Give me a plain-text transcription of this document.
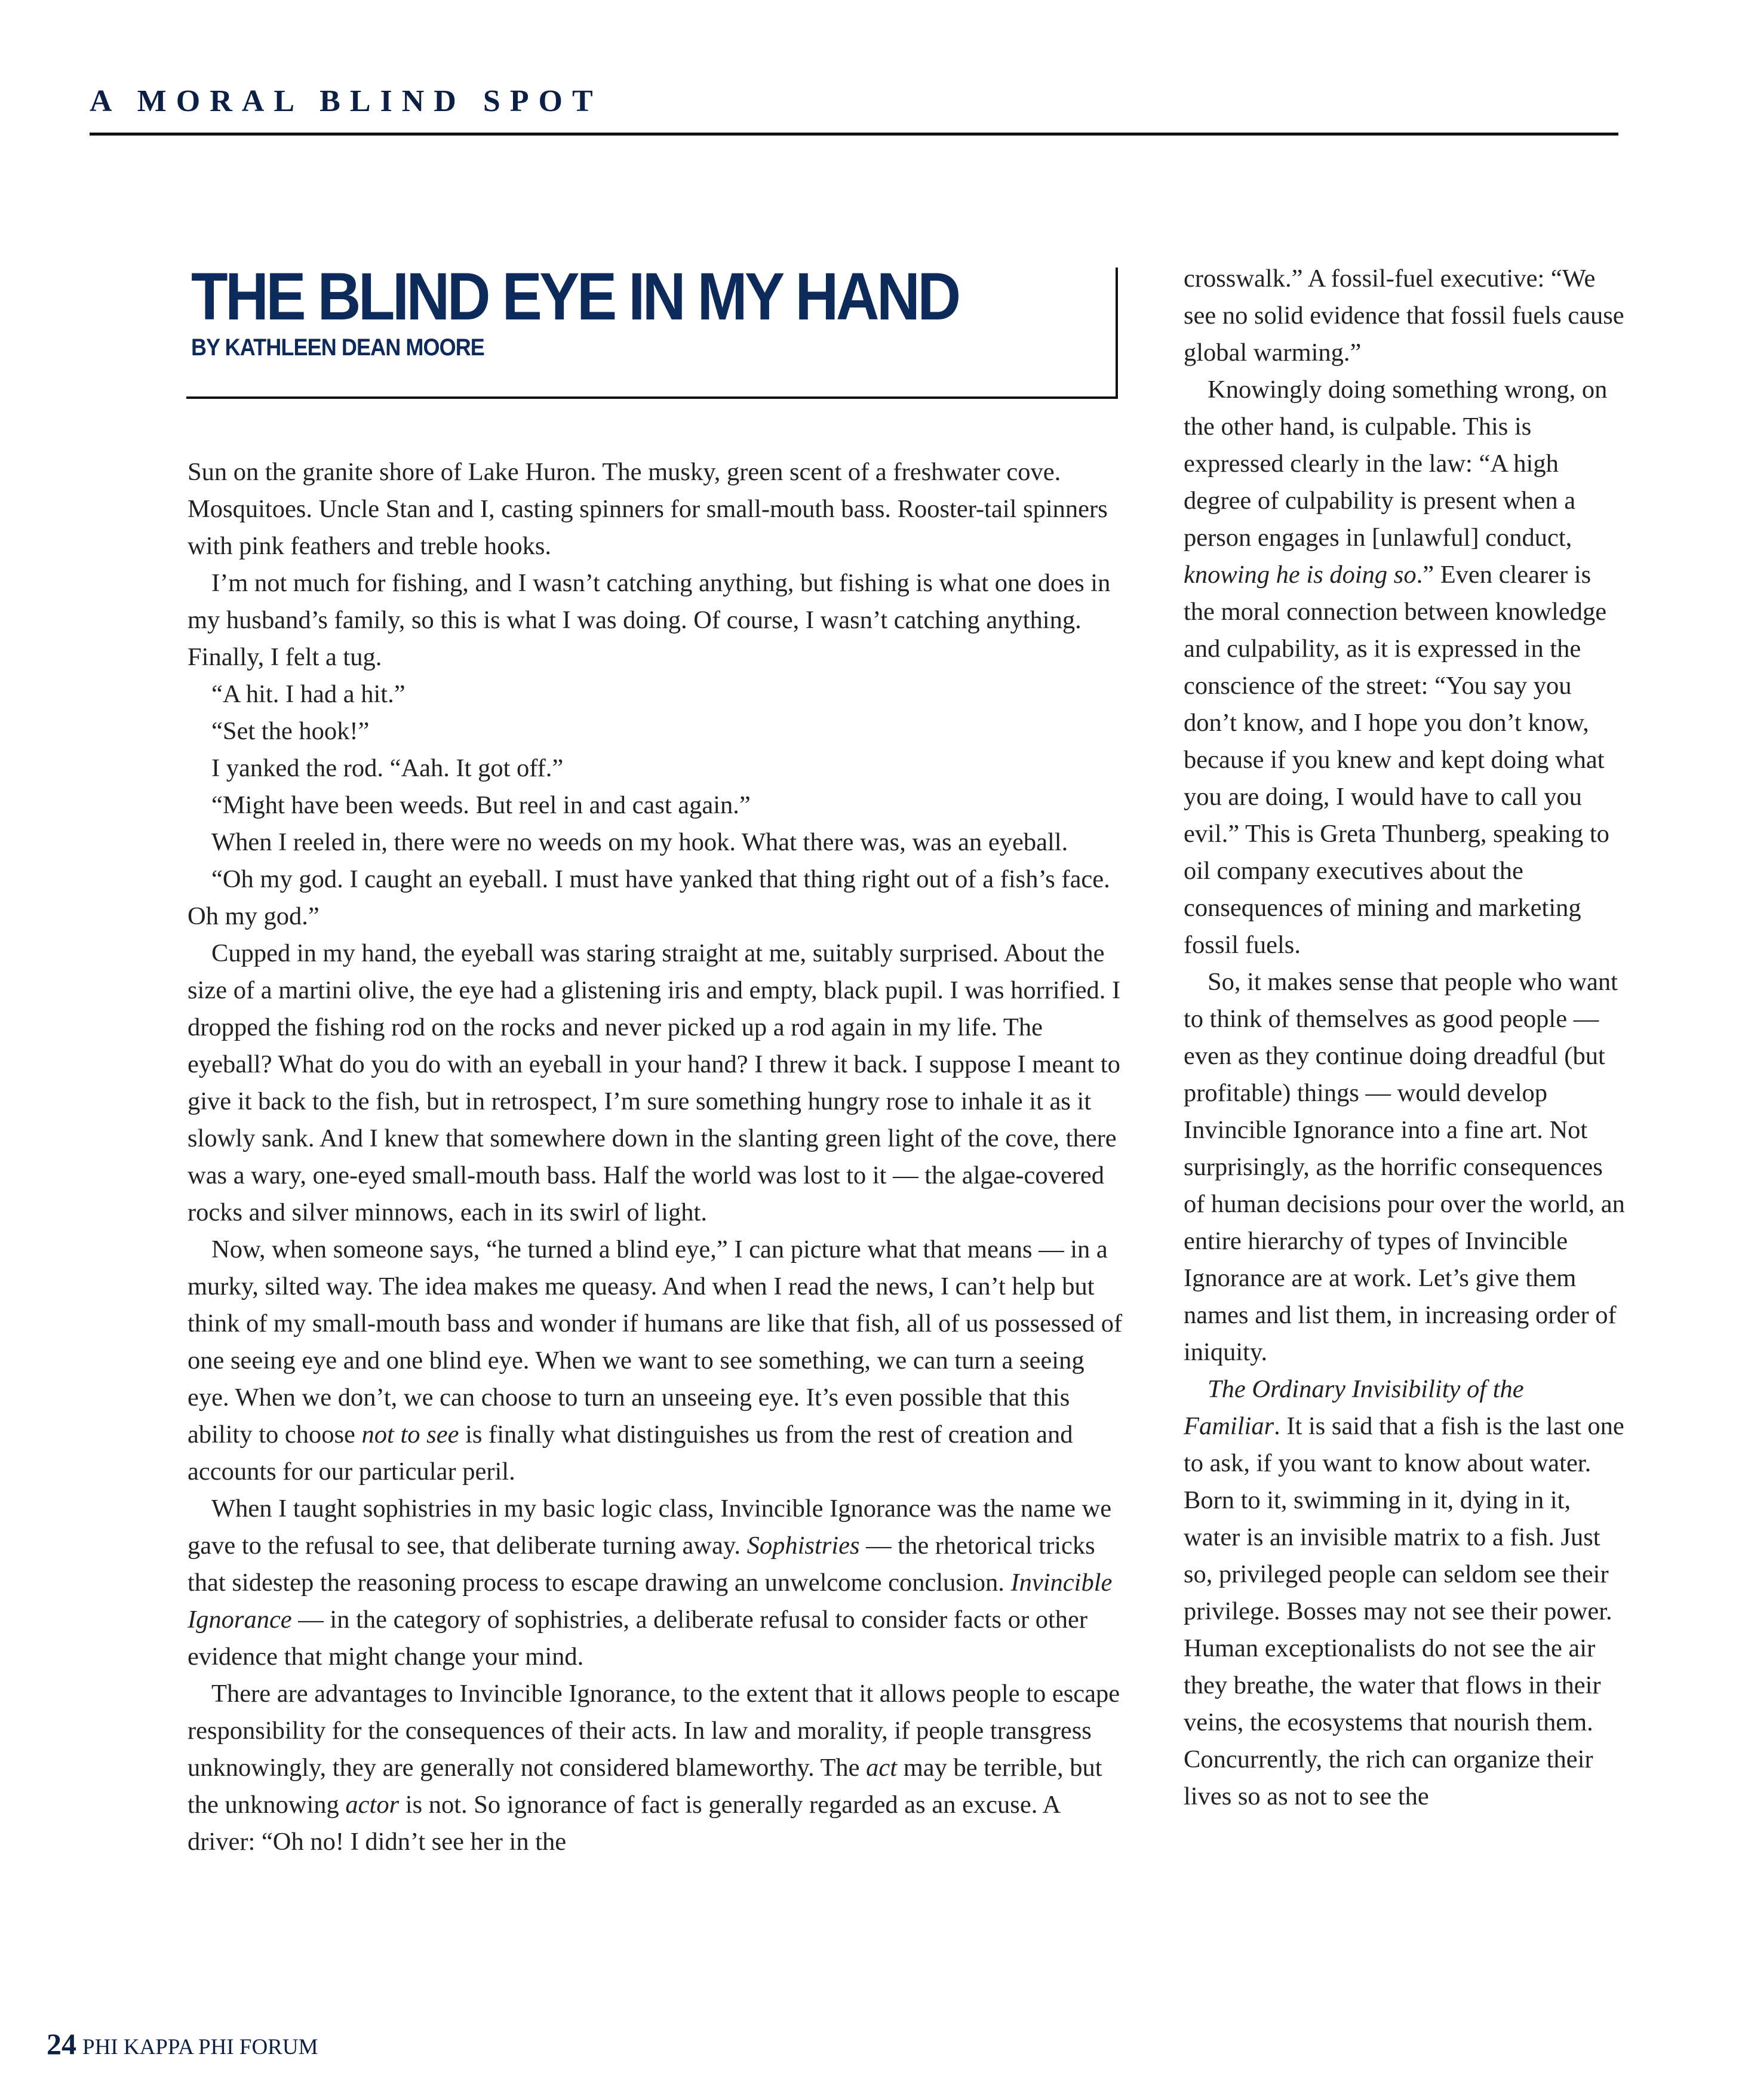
A MORAL BLIND SPOT
THE BLIND EYE IN MY HAND
BY KATHLEEN DEAN MOORE

Sun on the granite shore of Lake Huron. The musky, green scent of a freshwater cove. Mosquitoes. Uncle Stan and I, casting spinners for small-mouth bass. Rooster-tail spinners with pink feathers and treble hooks.

I’m not much for fishing, and I wasn’t catching anything, but fishing is what one does in my husband’s family, so this is what I was doing. Of course, I wasn’t catching anything. Finally, I felt a tug.

“A hit. I had a hit.”

“Set the hook!”

I yanked the rod. “Aah. It got off.”

“Might have been weeds. But reel in and cast again.”

When I reeled in, there were no weeds on my hook. What there was, was an eyeball.

“Oh my god. I caught an eyeball. I must have yanked that thing right out of a fish’s face. Oh my god.”

Cupped in my hand, the eyeball was staring straight at me, suitably surprised. About the size of a martini olive, the eye had a glistening iris and empty, black pupil. I was horrified. I dropped the fishing rod on the rocks and never picked up a rod again in my life. The eyeball? What do you do with an eyeball in your hand? I threw it back. I suppose I meant to give it back to the fish, but in retrospect, I’m sure something hungry rose to inhale it as it slowly sank. And I knew that somewhere down in the slanting green light of the cove, there was a wary, one-eyed small-mouth bass. Half the world was lost to it — the algae-covered rocks and silver minnows, each in its swirl of light.

Now, when someone says, “he turned a blind eye,” I can picture what that means — in a murky, silted way. The idea makes me queasy. And when I read the news, I can’t help but think of my small-mouth bass and wonder if humans are like that fish, all of us possessed of one seeing eye and one blind eye. When we want to see something, we can turn a seeing eye. When we don’t, we can choose to turn an unseeing eye. It’s even possible that this ability to choose not to see is finally what distinguishes us from the rest of creation and accounts for our particular peril.

When I taught sophistries in my basic logic class, Invincible Ignorance was the name we gave to the refusal to see, that deliberate turning away. Sophistries — the rhetorical tricks that sidestep the reasoning process to escape drawing an unwelcome conclusion. Invincible Ignorance — in the category of sophistries, a deliberate refusal to consider facts or other evidence that might change your mind.

There are advantages to Invincible Ignorance, to the extent that it allows people to escape responsibility for the consequences of their acts. In law and morality, if people transgress unknowingly, they are generally not considered blameworthy. The act may be terrible, but the unknowing actor is not. So ignorance of fact is generally regarded as an excuse. A driver: “Oh no! I didn’t see her in the

crosswalk.” A fossil-fuel executive: “We see no solid evidence that fossil fuels cause global warming.”

Knowingly doing something wrong, on the other hand, is culpable. This is expressed clearly in the law: “A high degree of culpability is present when a person engages in [unlawful] conduct, knowing he is doing so.” Even clearer is the moral connection between knowledge and culpability, as it is expressed in the conscience of the street: “You say you don’t know, and I hope you don’t know, because if you knew and kept doing what you are doing, I would have to call you evil.” This is Greta Thunberg, speaking to oil company executives about the consequences of mining and marketing fossil fuels.

So, it makes sense that people who want to think of themselves as good people — even as they continue doing dreadful (but profitable) things — would develop Invincible Ignorance into a fine art. Not surprisingly, as the horrific consequences of human decisions pour over the world, an entire hierarchy of types of Invincible Ignorance are at work. Let’s give them names and list them, in increasing order of iniquity.

The Ordinary Invisibility of the Familiar. It is said that a fish is the last one to ask, if you want to know about water. Born to it, swimming in it, dying in it, water is an invisible matrix to a fish. Just so, privileged people can seldom see their privilege. Bosses may not see their power. Human exceptionalists do not see the air they breathe, the water that flows in their veins, the ecosystems that nourish them. Concurrently, the rich can organize their lives so as not to see the

24 PHI KAPPA PHI FORUM
